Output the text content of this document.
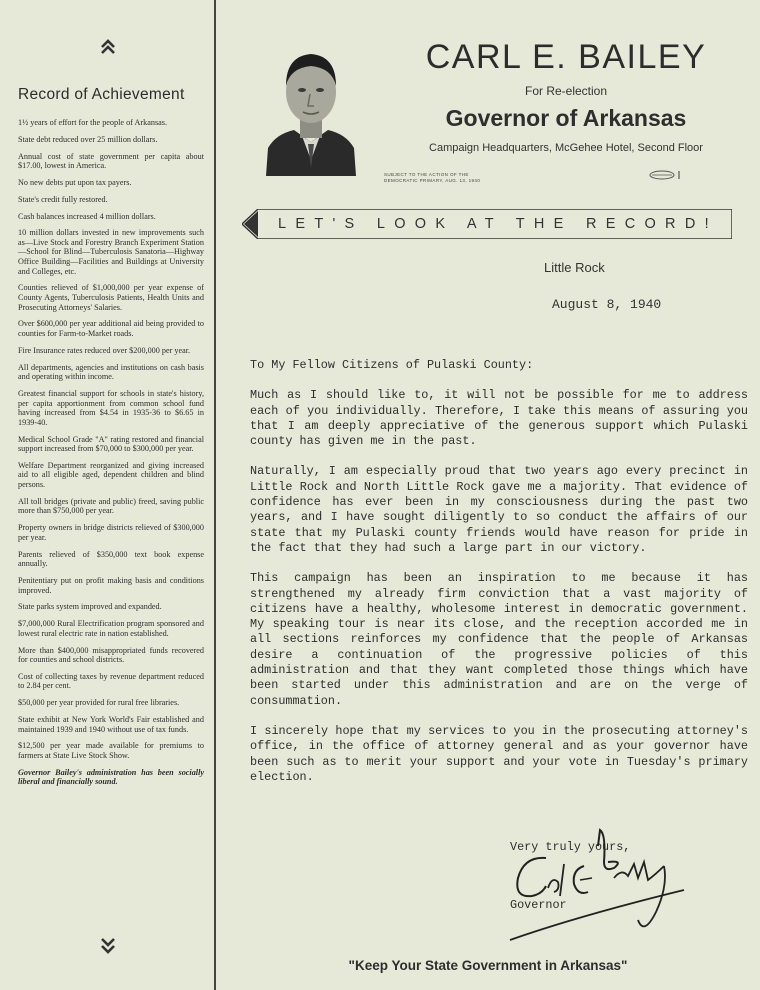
Record of Achievement
1½ years of effort for the people of Arkansas.
State debt reduced over 25 million dollars.
Annual cost of state government per capita about $17.00, lowest in America.
No new debts put upon tax payers.
State's credit fully restored.
Cash balances increased 4 million dollars.
10 million dollars invested in new improvements such as—Live Stock and Forestry Branch Experiment Station—School for Blind—Tuberculosis Sanatoria—Highway Office Building—Facilities and Buildings at University and Colleges, etc.
Counties relieved of $1,000,000 per year expense of County Agents, Tuberculosis Patients, Health Units and Prosecuting Attorneys' Salaries.
Over $600,000 per year additional aid being provided to counties for Farm-to-Market roads.
Fire Insurance rates reduced over $200,000 per year.
All departments, agencies and institutions on cash basis and operating within income.
Greatest financial support for schools in state's history, per capita apportionment from common school fund having increased from $4.54 in 1935-36 to $6.65 in 1939-40.
Medical School Grade "A" rating restored and financial support increased from $70,000 to $300,000 per year.
Welfare Department reorganized and giving increased aid to all eligible aged, dependent children and blind persons.
All toll bridges (private and public) freed, saving public more than $750,000 per year.
Property owners in bridge districts relieved of $300,000 per year.
Parents relieved of $350,000 text book expense annually.
Penitentiary put on profit making basis and conditions improved.
State parks system improved and expanded.
$7,000,000 Rural Electrification program sponsored and lowest rural electric rate in nation established.
More than $400,000 misappropriated funds recovered for counties and school districts.
Cost of collecting taxes by revenue department reduced to 2.84 per cent.
$50,000 per year provided for rural free libraries.
State exhibit at New York World's Fair established and maintained 1939 and 1940 without use of tax funds.
$12,500 per year made available for premiums to farmers at State Live Stock Show.
Governor Bailey's administration has been socially liberal and financially sound.
CARL E. BAILEY
For Re-election
Governor of Arkansas
Campaign Headquarters, McGehee Hotel, Second Floor
SUBJECT TO THE ACTION OF THE
DEMOCRATIC PRIMARY, AUG. 13, 1940
LET'S LOOK AT THE RECORD!
Little Rock
August 8, 1940
To My Fellow Citizens of Pulaski County:

Much as I should like to, it will not be possible for me to address each of you individually. Therefore, I take this means of assuring you that I am deeply appreciative of the generous support which Pulaski county has given me in the past.

Naturally, I am especially proud that two years ago every precinct in Little Rock and North Little Rock gave me a majority. That evidence of confidence has ever been in my consciousness during the past two years, and I have sought diligently to so conduct the affairs of our state that my Pulaski county friends would have reason for pride in the fact that they had such a large part in our victory.

This campaign has been an inspiration to me because it has strengthened my already firm conviction that a vast majority of citizens have a healthy, wholesome interest in democratic government. My speaking tour is near its close, and the reception accorded me in all sections reinforces my confidence that the people of Arkansas desire a continuation of the progressive policies of this administration and that they want completed those things which have been started under this administration and are on the verge of consummation.

I sincerely hope that my services to you in the prosecuting attorney's office, in the office of attorney general and as your governor have been such as to merit your support and your vote in Tuesday's primary election.

Very truly yours,
Governor
"Keep Your State Government in Arkansas"
